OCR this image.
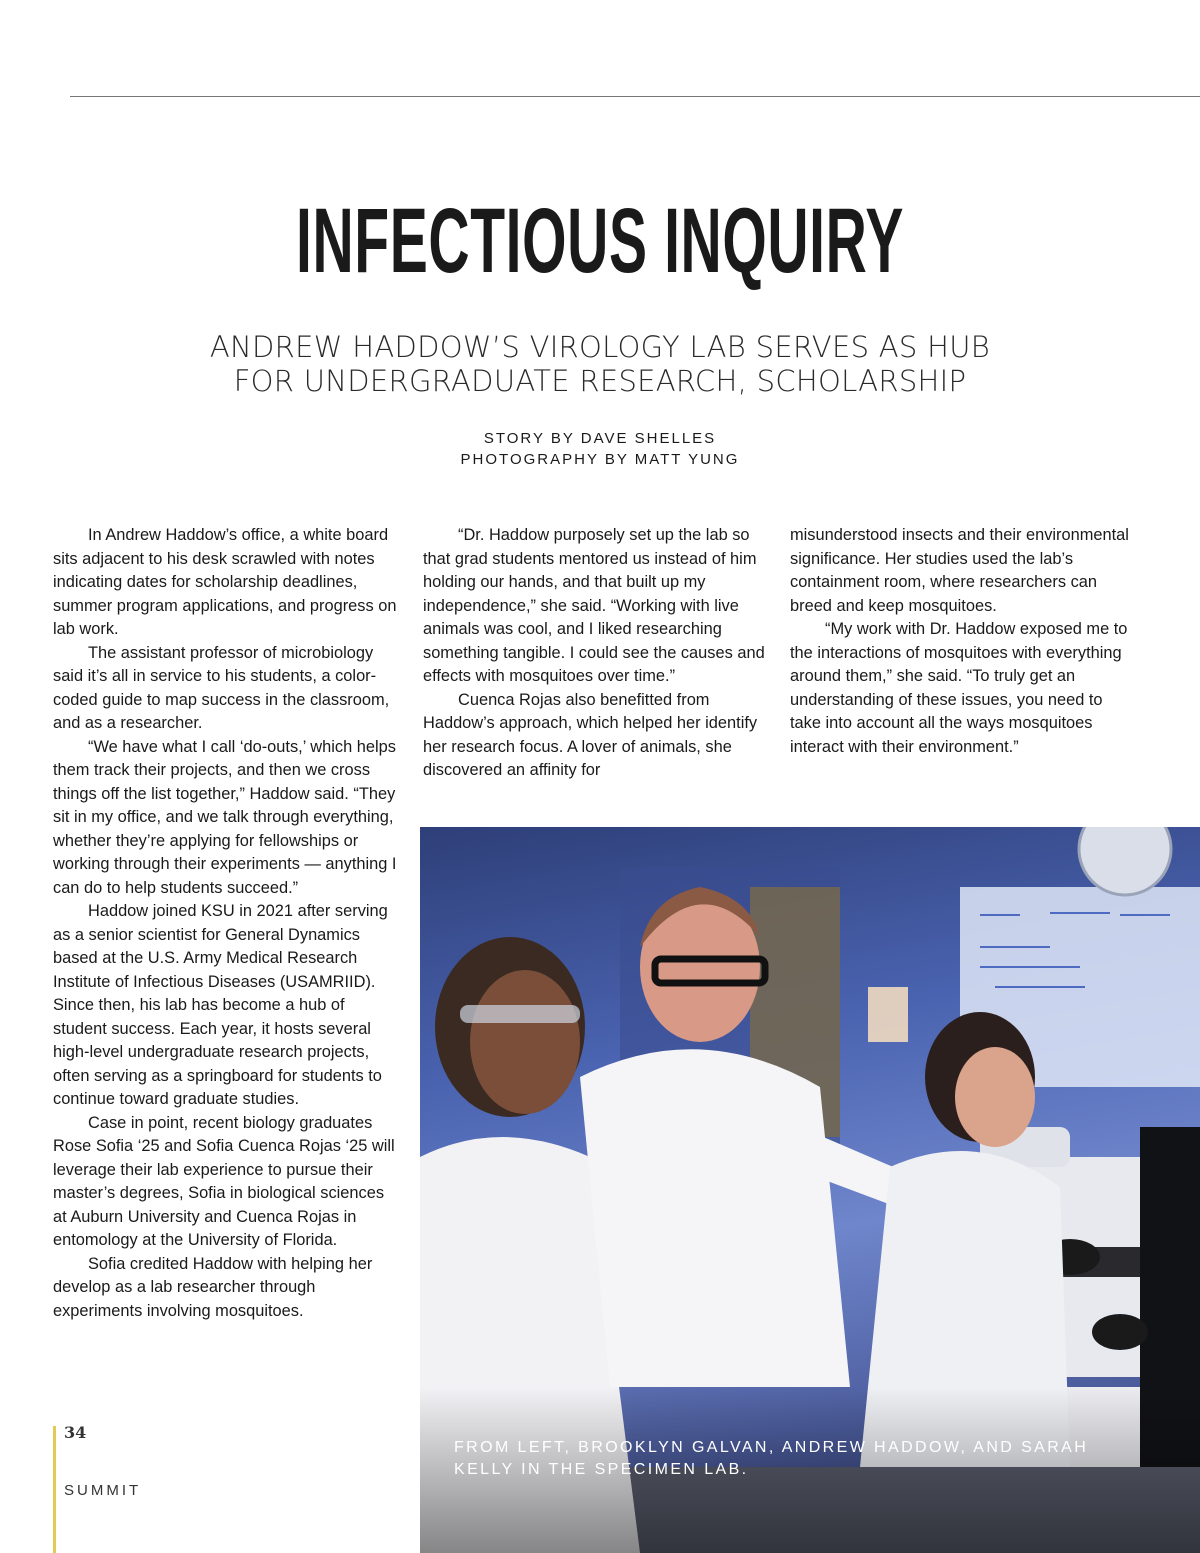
INFECTIOUS INQUIRY
ANDREW HADDOW’S VIROLOGY LAB SERVES AS HUB
FOR UNDERGRADUATE RESEARCH, SCHOLARSHIP
STORY BY DAVE SHELLES
PHOTOGRAPHY BY MATT YUNG

In Andrew Haddow’s office, a white board sits adjacent to his desk scrawled with notes indicating dates for scholarship deadlines, summer program applications, and progress on lab work.

The assistant professor of microbiology said it’s all in service to his students, a color-coded guide to map success in the classroom, and as a researcher.

“We have what I call ‘do-outs,’ which helps them track their projects, and then we cross things off the list together,” Haddow said. “They sit in my office, and we talk through everything, whether they’re applying for fellowships or working through their experiments — anything I can do to help students succeed.”

Haddow joined KSU in 2021 after serving as a senior scientist for General Dynamics based at the U.S. Army Medical Research Institute of Infectious Diseases (USAMRIID). Since then, his lab has become a hub of student success. Each year, it hosts several high-level undergraduate research projects, often serving as a springboard for students to continue toward graduate studies.

Case in point, recent biology graduates Rose Sofia ‘25 and Sofia Cuenca Rojas ‘25 will leverage their lab experience to pursue their master’s degrees, Sofia in biological sciences at Auburn University and Cuenca Rojas in entomology at the University of Florida.

Sofia credited Haddow with helping her develop as a lab researcher through experiments involving mosquitoes.

“Dr. Haddow purposely set up the lab so that grad students mentored us instead of him holding our hands, and that built up my independence,” she said. “Working with live animals was cool, and I liked researching something tangible. I could see the causes and effects with mosquitoes over time.”

Cuenca Rojas also benefitted from Haddow’s approach, which helped her identify her research focus. A lover of animals, she discovered an affinity for

misunderstood insects and their environmental significance. Her studies used the lab’s containment room, where researchers can breed and keep mosquitoes.

“My work with Dr. Haddow exposed me to the interactions of mosquitoes with everything around them,” she said. “To truly get an understanding of these issues, you need to take into account all the ways mosquitoes interact with their environment.”

FROM LEFT, BROOKLYN GALVAN, ANDREW HADDOW, AND SARAH
KELLY IN THE SPECIMEN LAB.
34
SUMMIT
